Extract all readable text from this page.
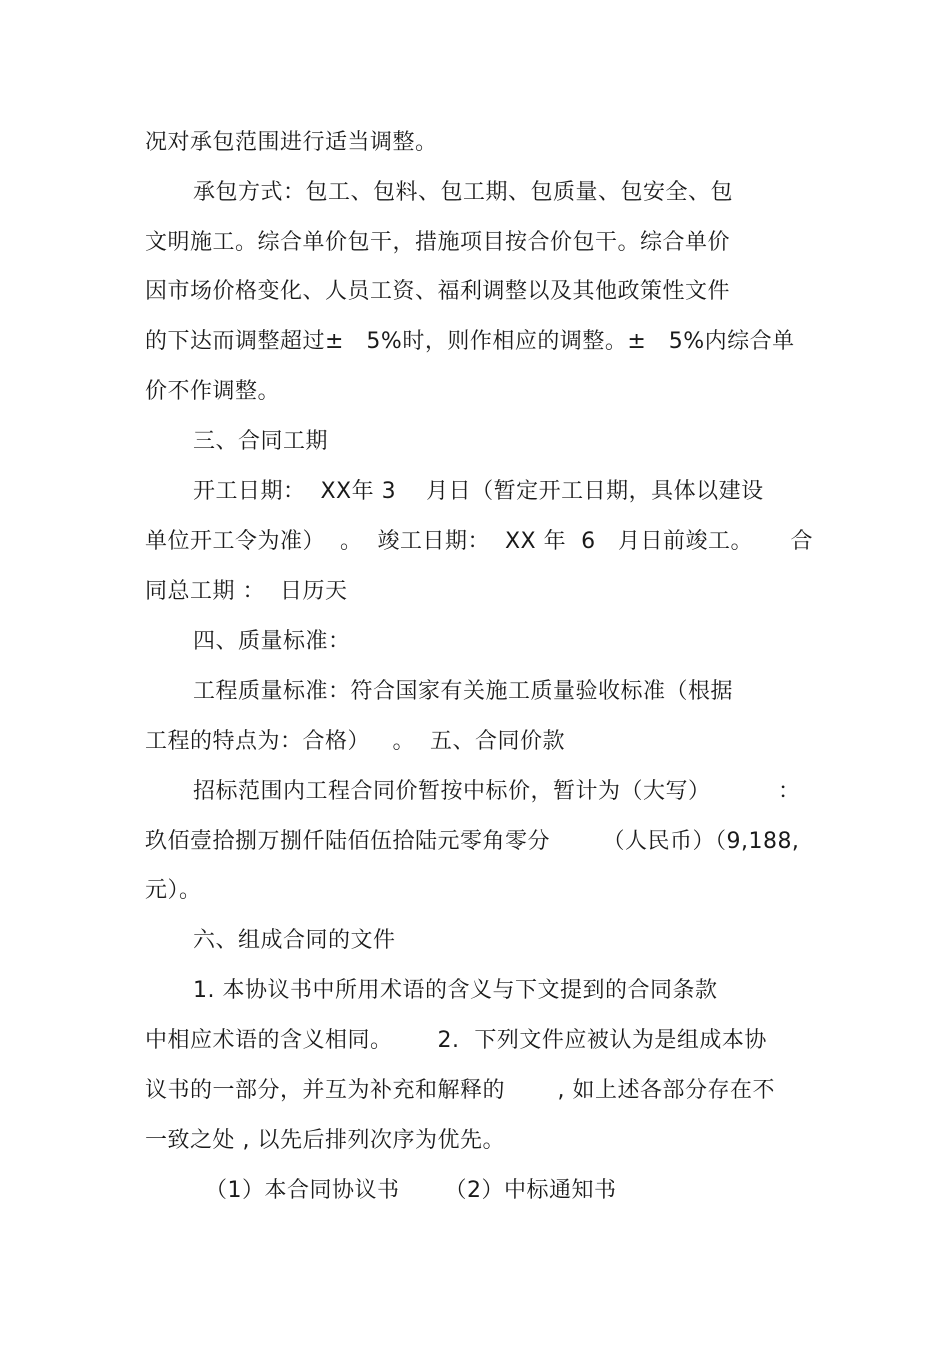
况对承包范围进行适当调整。
承包方式：包工、包料、包工期、包质量、包安全、包
文明施工。综合单价包干，措施项目按合价包干。综合单价
因市场价格变化、人员工资、福利调整以及其他政策性文件
的下达而调整超过±   5%时，则作相应的调整。±   5%内综合单
价不作调整。
三、合同工期
开工日期：  XX年 3    月日（暂定开工日期，具体以建设
单位开工令为准）  。  竣工日期：  XX 年  6   月日前竣工。     合
同总工期 ：  日历天
四、质量标准：
工程质量标准：符合国家有关施工质量验收标准（根据
工程的特点为：合格）   。  五、合同价款
招标范围内工程合同价暂按中标价，暂计为（大写）         ：
玖佰壹拾捌万捌仟陆佰伍拾陆元零角零分       （人民币）（9,188,
元）。
六、组成合同的文件
1. 本协议书中所用术语的含义与下文提到的合同条款
中相应术语的含义相同。      2.  下列文件应被认为是组成本协
议书的一部分，并互为补充和解释的       , 如上述各部分存在不
一致之处 , 以先后排列次序为优先。
（1）本合同协议书      （2）中标通知书
